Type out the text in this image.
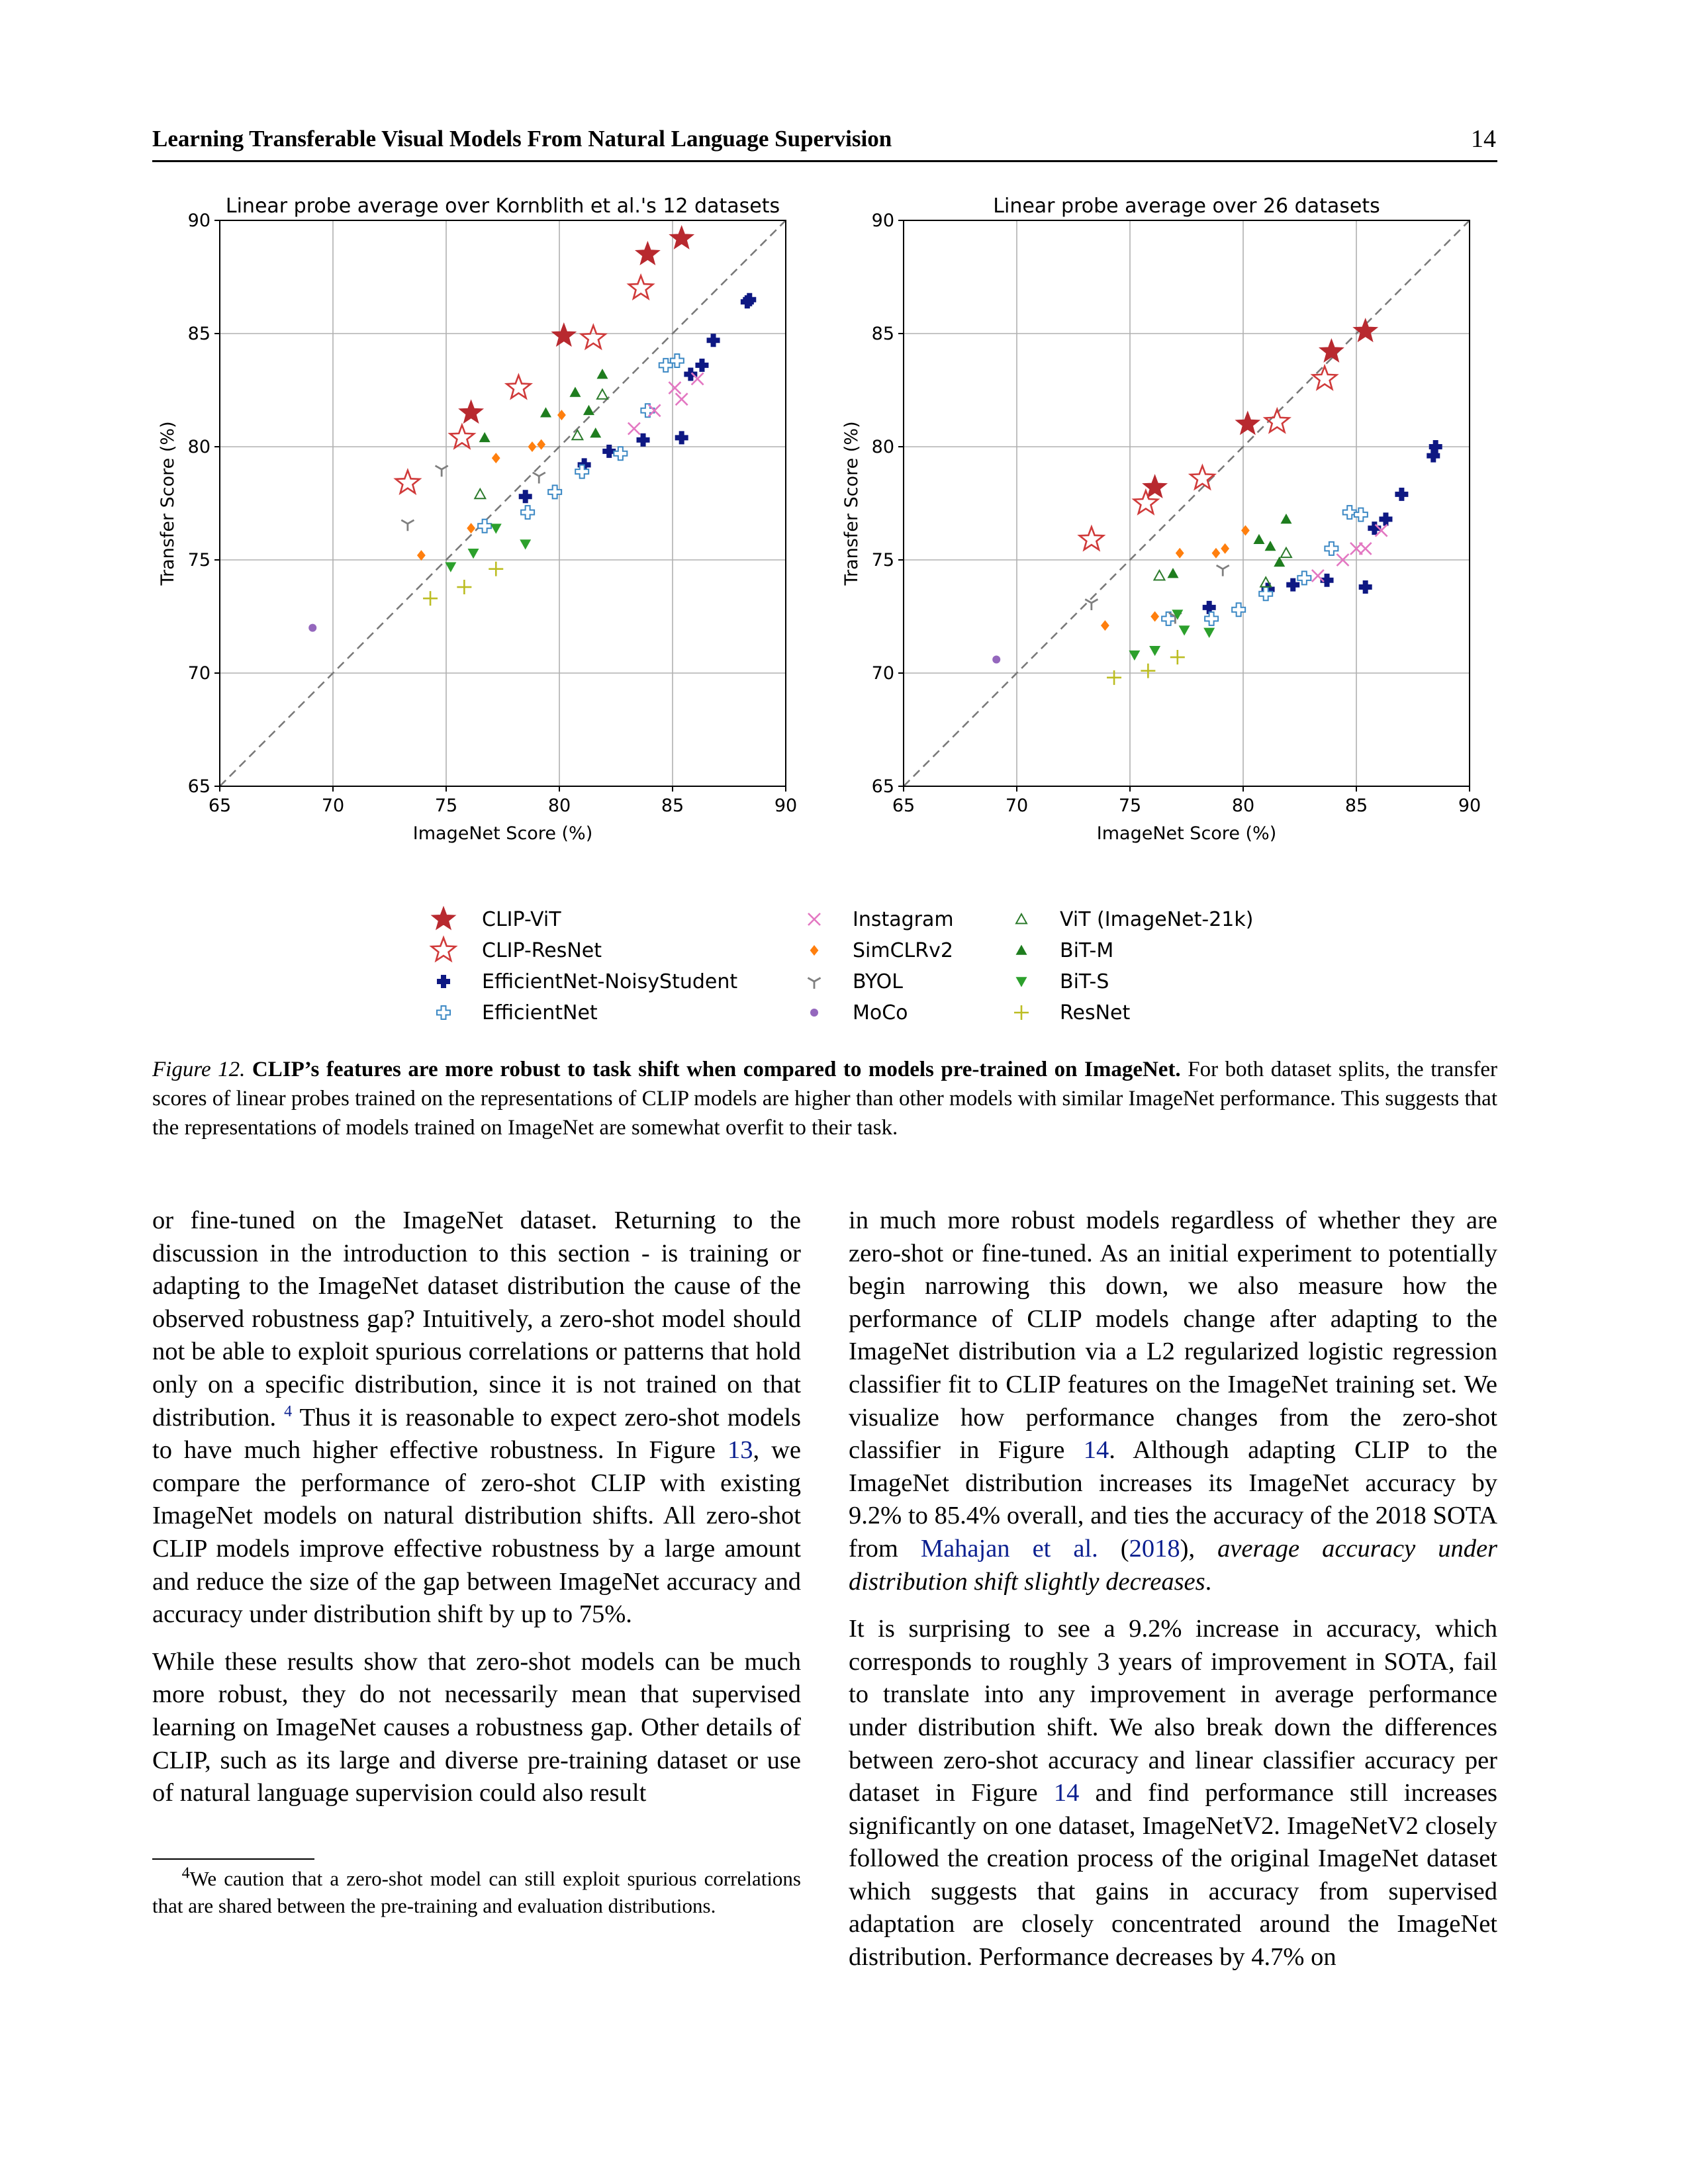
Learning Transferable Visual Models From Natural Language Supervision	14
65	70	75	80	85	90
65
70
75
80
85
90
Linear probe average over Kornblith et al.'s 12 datasets
ImageNet Score (%)
Transfer Score (%)
65	70	75	80	85	90
65
70
75
80
85
90
Linear probe average over 26 datasets
ImageNet Score (%)
Transfer Score (%)
CLIP-ViT
CLIP-ResNet
EfficientNet-NoisyStudent
EfficientNet
Instagram
SimCLRv2
BYOL
MoCo
ViT (ImageNet-21k)
BiT-M
BiT-S
ResNet
Figure 12. CLIP’s features are more robust to task shift when compared to models pre-trained on ImageNet. For both dataset splits, the transfer scores of linear probes trained on the representations of CLIP models are higher than other models with similar ImageNet performance. This suggests that the representations of models trained on ImageNet are somewhat overfit to their task.

or fine-tuned on the ImageNet dataset. Returning to the discussion in the introduction to this section - is training or adapting to the ImageNet dataset distribution the cause of the observed robustness gap? Intuitively, a zero-shot model should not be able to exploit spurious correlations or patterns that hold only on a specific distribution, since it is not trained on that distribution. $^4$ Thus it is reasonable to expect zero-shot models to have much higher effective robustness. In Figure 13, we compare the performance of zero-shot CLIP with existing ImageNet models on natural distribution shifts. All zero-shot CLIP models improve effective robustness by a large amount and reduce the size of the gap between ImageNet accuracy and accuracy under distribution shift by up to 75%.

While these results show that zero-shot models can be much more robust, they do not necessarily mean that supervised learning on ImageNet causes a robustness gap. Other details of CLIP, such as its large and diverse pre-training dataset or use of natural language supervision could also result

$^4$We caution that a zero-shot model can still exploit spurious correlations that are shared between the pre-training and evaluation distributions.

in much more robust models regardless of whether they are zero-shot or fine-tuned. As an initial experiment to potentially begin narrowing this down, we also measure how the performance of CLIP models change after adapting to the ImageNet distribution via a L2 regularized logistic regression classifier fit to CLIP features on the ImageNet training set. We visualize how performance changes from the zero-shot classifier in Figure 14. Although adapting CLIP to the ImageNet distribution increases its ImageNet accuracy by 9.2% to 85.4% overall, and ties the accuracy of the 2018 SOTA from Mahajan et al. (2018), average accuracy under distribution shift slightly decreases.

It is surprising to see a 9.2% increase in accuracy, which corresponds to roughly 3 years of improvement in SOTA, fail to translate into any improvement in average performance under distribution shift. We also break down the differences between zero-shot accuracy and linear classifier accuracy per dataset in Figure 14 and find performance still increases significantly on one dataset, ImageNetV2. ImageNetV2 closely followed the creation process of the original ImageNet dataset which suggests that gains in accuracy from supervised adaptation are closely concentrated around the ImageNet distribution. Performance decreases by 4.7% on
